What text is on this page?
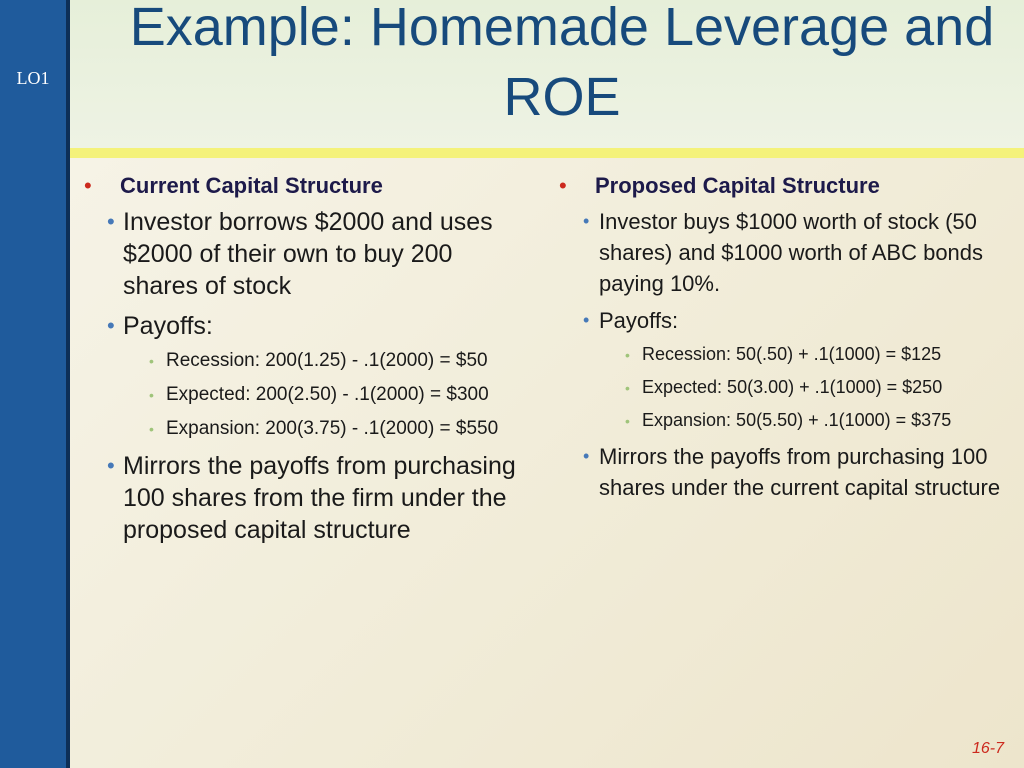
LO1
Example: Homemade Leverage and ROE
• Current Capital Structure
• Investor borrows $2000 and uses $2000 of their own to buy 200 shares of stock
• Payoffs:
• Recession: 200(1.25) - .1(2000) = $50
• Expected: 200(2.50) - .1(2000) = $300
• Expansion: 200(3.75) - .1(2000) = $550
• Mirrors the payoffs from purchasing 100 shares from the firm under the proposed capital structure
• Proposed Capital Structure
• Investor buys $1000 worth of stock (50 shares) and $1000 worth of ABC bonds paying 10%.
• Payoffs:
• Recession: 50(.50) + .1(1000) = $125
• Expected: 50(3.00) + .1(1000) = $250
• Expansion: 50(5.50) + .1(1000) = $375
• Mirrors the payoffs from purchasing 100 shares under the current capital structure
16-7
